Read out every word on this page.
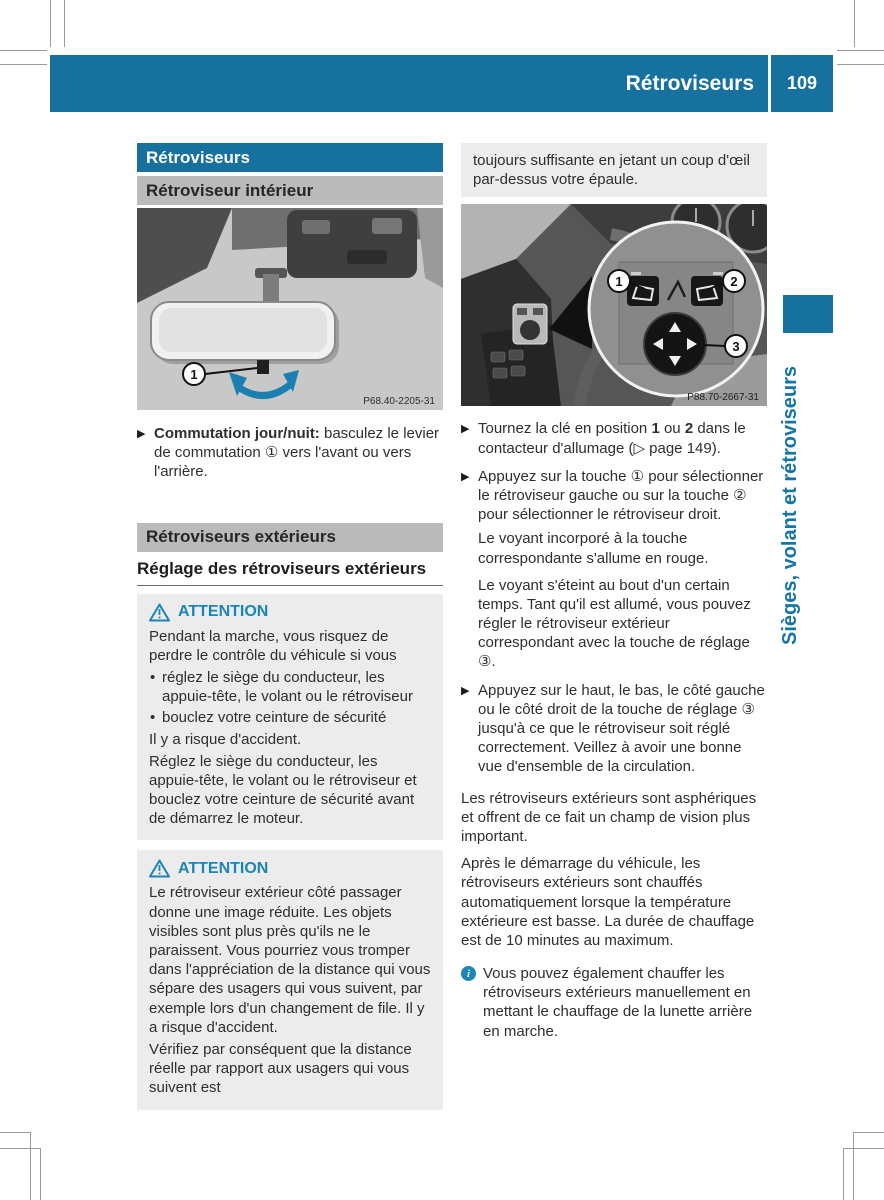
Rétroviseurs	109
Rétroviseurs
Rétroviseur intérieur
1
P68.40-2205-31
▶ Commutation jour/nuit: basculez le levier de commutation ① vers l'avant ou vers l'arrière.
Rétroviseurs extérieurs
Réglage des rétroviseurs extérieurs
ATTENTION
Pendant la marche, vous risquez de perdre le contrôle du véhicule si vous
• réglez le siège du conducteur, les appuie-tête, le volant ou le rétroviseur
• bouclez votre ceinture de sécurité
Il y a risque d'accident.
Réglez le siège du conducteur, les appuie-tête, le volant ou le rétroviseur et bouclez votre ceinture de sécurité avant de démarrez le moteur.
ATTENTION
Le rétroviseur extérieur côté passager donne une image réduite. Les objets visibles sont plus près qu'ils ne le paraissent. Vous pourriez vous tromper dans l'appréciation de la distance qui vous sépare des usagers qui vous suivent, par exemple lors d'un changement de file. Il y a risque d'accident.
Vérifiez par conséquent que la distance réelle par rapport aux usagers qui vous suivent est
toujours suffisante en jetant un coup d'œil par-dessus votre épaule.
1	2
3
P88.70-2667-31
▶ Tournez la clé en position 1 ou 2 dans le contacteur d'allumage (▷ page 149).
▶ Appuyez sur la touche ① pour sélectionner le rétroviseur gauche ou sur la touche ② pour sélectionner le rétroviseur droit.
Le voyant incorporé à la touche correspondante s'allume en rouge.
Le voyant s'éteint au bout d'un certain temps. Tant qu'il est allumé, vous pouvez régler le rétroviseur extérieur correspondant avec la touche de réglage ③.
▶ Appuyez sur le haut, le bas, le côté gauche ou le côté droit de la touche de réglage ③ jusqu'à ce que le rétroviseur soit réglé correctement. Veillez à avoir une bonne vue d'ensemble de la circulation.
Les rétroviseurs extérieurs sont asphériques et offrent de ce fait un champ de vision plus important.
Après le démarrage du véhicule, les rétroviseurs extérieurs sont chauffés automatiquement lorsque la température extérieure est basse. La durée de chauffage est de 10 minutes au maximum.
i Vous pouvez également chauffer les rétroviseurs extérieurs manuellement en mettant le chauffage de la lunette arrière en marche.
Sièges, volant et rétroviseurs
